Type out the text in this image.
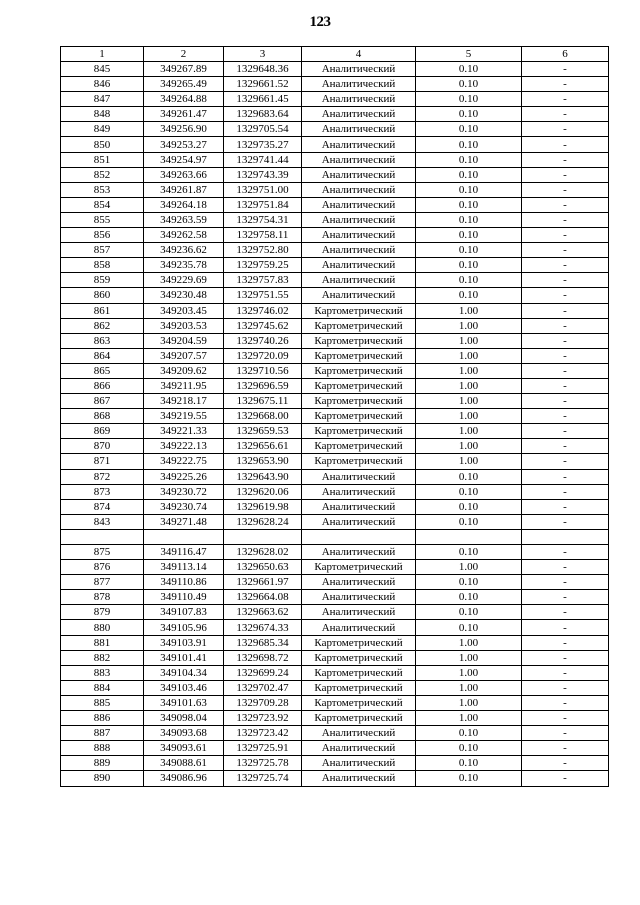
123
1	2	3	4	5	6
845	349267.89	1329648.36	Аналитический	0.10	-
846	349265.49	1329661.52	Аналитический	0.10	-
847	349264.88	1329661.45	Аналитический	0.10	-
848	349261.47	1329683.64	Аналитический	0.10	-
849	349256.90	1329705.54	Аналитический	0.10	-
850	349253.27	1329735.27	Аналитический	0.10	-
851	349254.97	1329741.44	Аналитический	0.10	-
852	349263.66	1329743.39	Аналитический	0.10	-
853	349261.87	1329751.00	Аналитический	0.10	-
854	349264.18	1329751.84	Аналитический	0.10	-
855	349263.59	1329754.31	Аналитический	0.10	-
856	349262.58	1329758.11	Аналитический	0.10	-
857	349236.62	1329752.80	Аналитический	0.10	-
858	349235.78	1329759.25	Аналитический	0.10	-
859	349229.69	1329757.83	Аналитический	0.10	-
860	349230.48	1329751.55	Аналитический	0.10	-
861	349203.45	1329746.02	Картометрический	1.00	-
862	349203.53	1329745.62	Картометрический	1.00	-
863	349204.59	1329740.26	Картометрический	1.00	-
864	349207.57	1329720.09	Картометрический	1.00	-
865	349209.62	1329710.56	Картометрический	1.00	-
866	349211.95	1329696.59	Картометрический	1.00	-
867	349218.17	1329675.11	Картометрический	1.00	-
868	349219.55	1329668.00	Картометрический	1.00	-
869	349221.33	1329659.53	Картометрический	1.00	-
870	349222.13	1329656.61	Картометрический	1.00	-
871	349222.75	1329653.90	Картометрический	1.00	-
872	349225.26	1329643.90	Аналитический	0.10	-
873	349230.72	1329620.06	Аналитический	0.10	-
874	349230.74	1329619.98	Аналитический	0.10	-
843	349271.48	1329628.24	Аналитический	0.10	-

875	349116.47	1329628.02	Аналитический	0.10	-
876	349113.14	1329650.63	Картометрический	1.00	-
877	349110.86	1329661.97	Аналитический	0.10	-
878	349110.49	1329664.08	Аналитический	0.10	-
879	349107.83	1329663.62	Аналитический	0.10	-
880	349105.96	1329674.33	Аналитический	0.10	-
881	349103.91	1329685.34	Картометрический	1.00	-
882	349101.41	1329698.72	Картометрический	1.00	-
883	349104.34	1329699.24	Картометрический	1.00	-
884	349103.46	1329702.47	Картометрический	1.00	-
885	349101.63	1329709.28	Картометрический	1.00	-
886	349098.04	1329723.92	Картометрический	1.00	-
887	349093.68	1329723.42	Аналитический	0.10	-
888	349093.61	1329725.91	Аналитический	0.10	-
889	349088.61	1329725.78	Аналитический	0.10	-
890	349086.96	1329725.74	Аналитический	0.10	-
